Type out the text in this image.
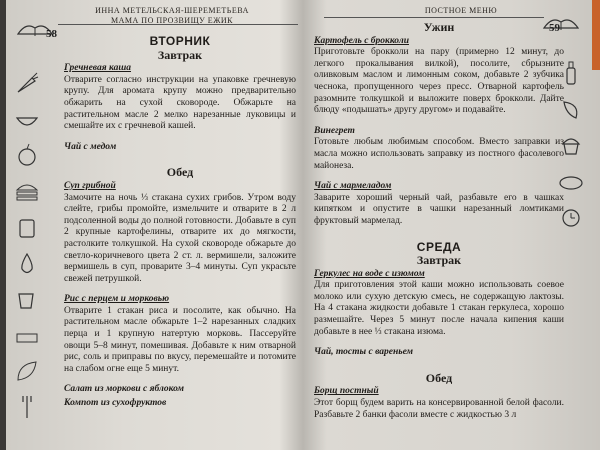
ИННА МЕТЕЛЬСКАЯ-ШЕРЕМЕТЬЕВА
МАМА ПО ПРОЗВИЩУ ЕЖИК
58	ВТОРНИК
Завтрак

Гречневая каша

Отварите согласно инструкции на упаковке гречневую крупу. Для аромата крупу можно предварительно обжарить на сухой сковороде. Обжарьте на растительном масле 2 мелко нарезанные луковицы и смешайте их с гречневой кашей.

Чай с медом

Обед

Суп грибной

Замочите на ночь ⅓ стакана сухих грибов. Утром воду слейте, грибы промойте, измельчите и отварите в 2 л подсоленной воды до полной готовности. Добавьте в суп 2 крупные картофелины, отварите их до мягкости, растолките толкушкой. На сухой сковороде обжарьте до светло-коричневого цвета 2 ст. л. вермишели, заложите вермишель в суп, проварите 3–4 минуты. Суп украсьте свежей петрушкой.

Рис с перцем и морковью

Отварите 1 стакан риса и посолите, как обычно. На растительном масле обжарьте 1–2 нарезанных сладких перца и 1 крупную натертую морковь. Пассеруйте овощи 5–8 минут, помешивая. Добавьте к ним отварной рис, соль и приправы по вкусу, перемешайте и потомите на слабом огне еще 5 минут.

Салат из моркови с яблоком

Компот из сухофруктов

ПОСТНОЕ МЕНЮ
59
Ужин

Картофель с брокколи

Приготовьте брокколи на пару (примерно 12 минут, до легкого прокалывания вилкой), посолите, сбрызните оливковым маслом и лимонным соком, добавьте 2 зубчика чеснока, пропущенного через пресс. Отварной картофель разомните толкушкой и выложите поверх брокколи. Дайте блюду «подышать» другу другом» и подавайте.

Винегрет

Готовьте любым любимым способом. Вместо заправки из масла можно использовать заправку из постного фасолевого майонеза.

Чай с мармеладом

Заварите хороший черный чай, разбавьте его в чашках кипятком и опустите в чашки нарезанный ломтиками фруктовый мармелад.

СРЕДА
Завтрак

Геркулес на воде с изюмом

Для приготовления этой каши можно использовать соевое молоко или сухую детскую смесь, не содержащую лактозы. На 4 стакана жидкости добавьте 1 стакан геркулеса, хорошо размешайте. Через 5 минут после начала кипения каши добавьте в нее ⅓ стакана изюма.

Чай, тосты с вареньем

Обед

Борщ постный

Этот борщ будем варить на консервированной белой фасоли. Разбавьте 2 банки фасоли вместе с жидкостью 3 л
